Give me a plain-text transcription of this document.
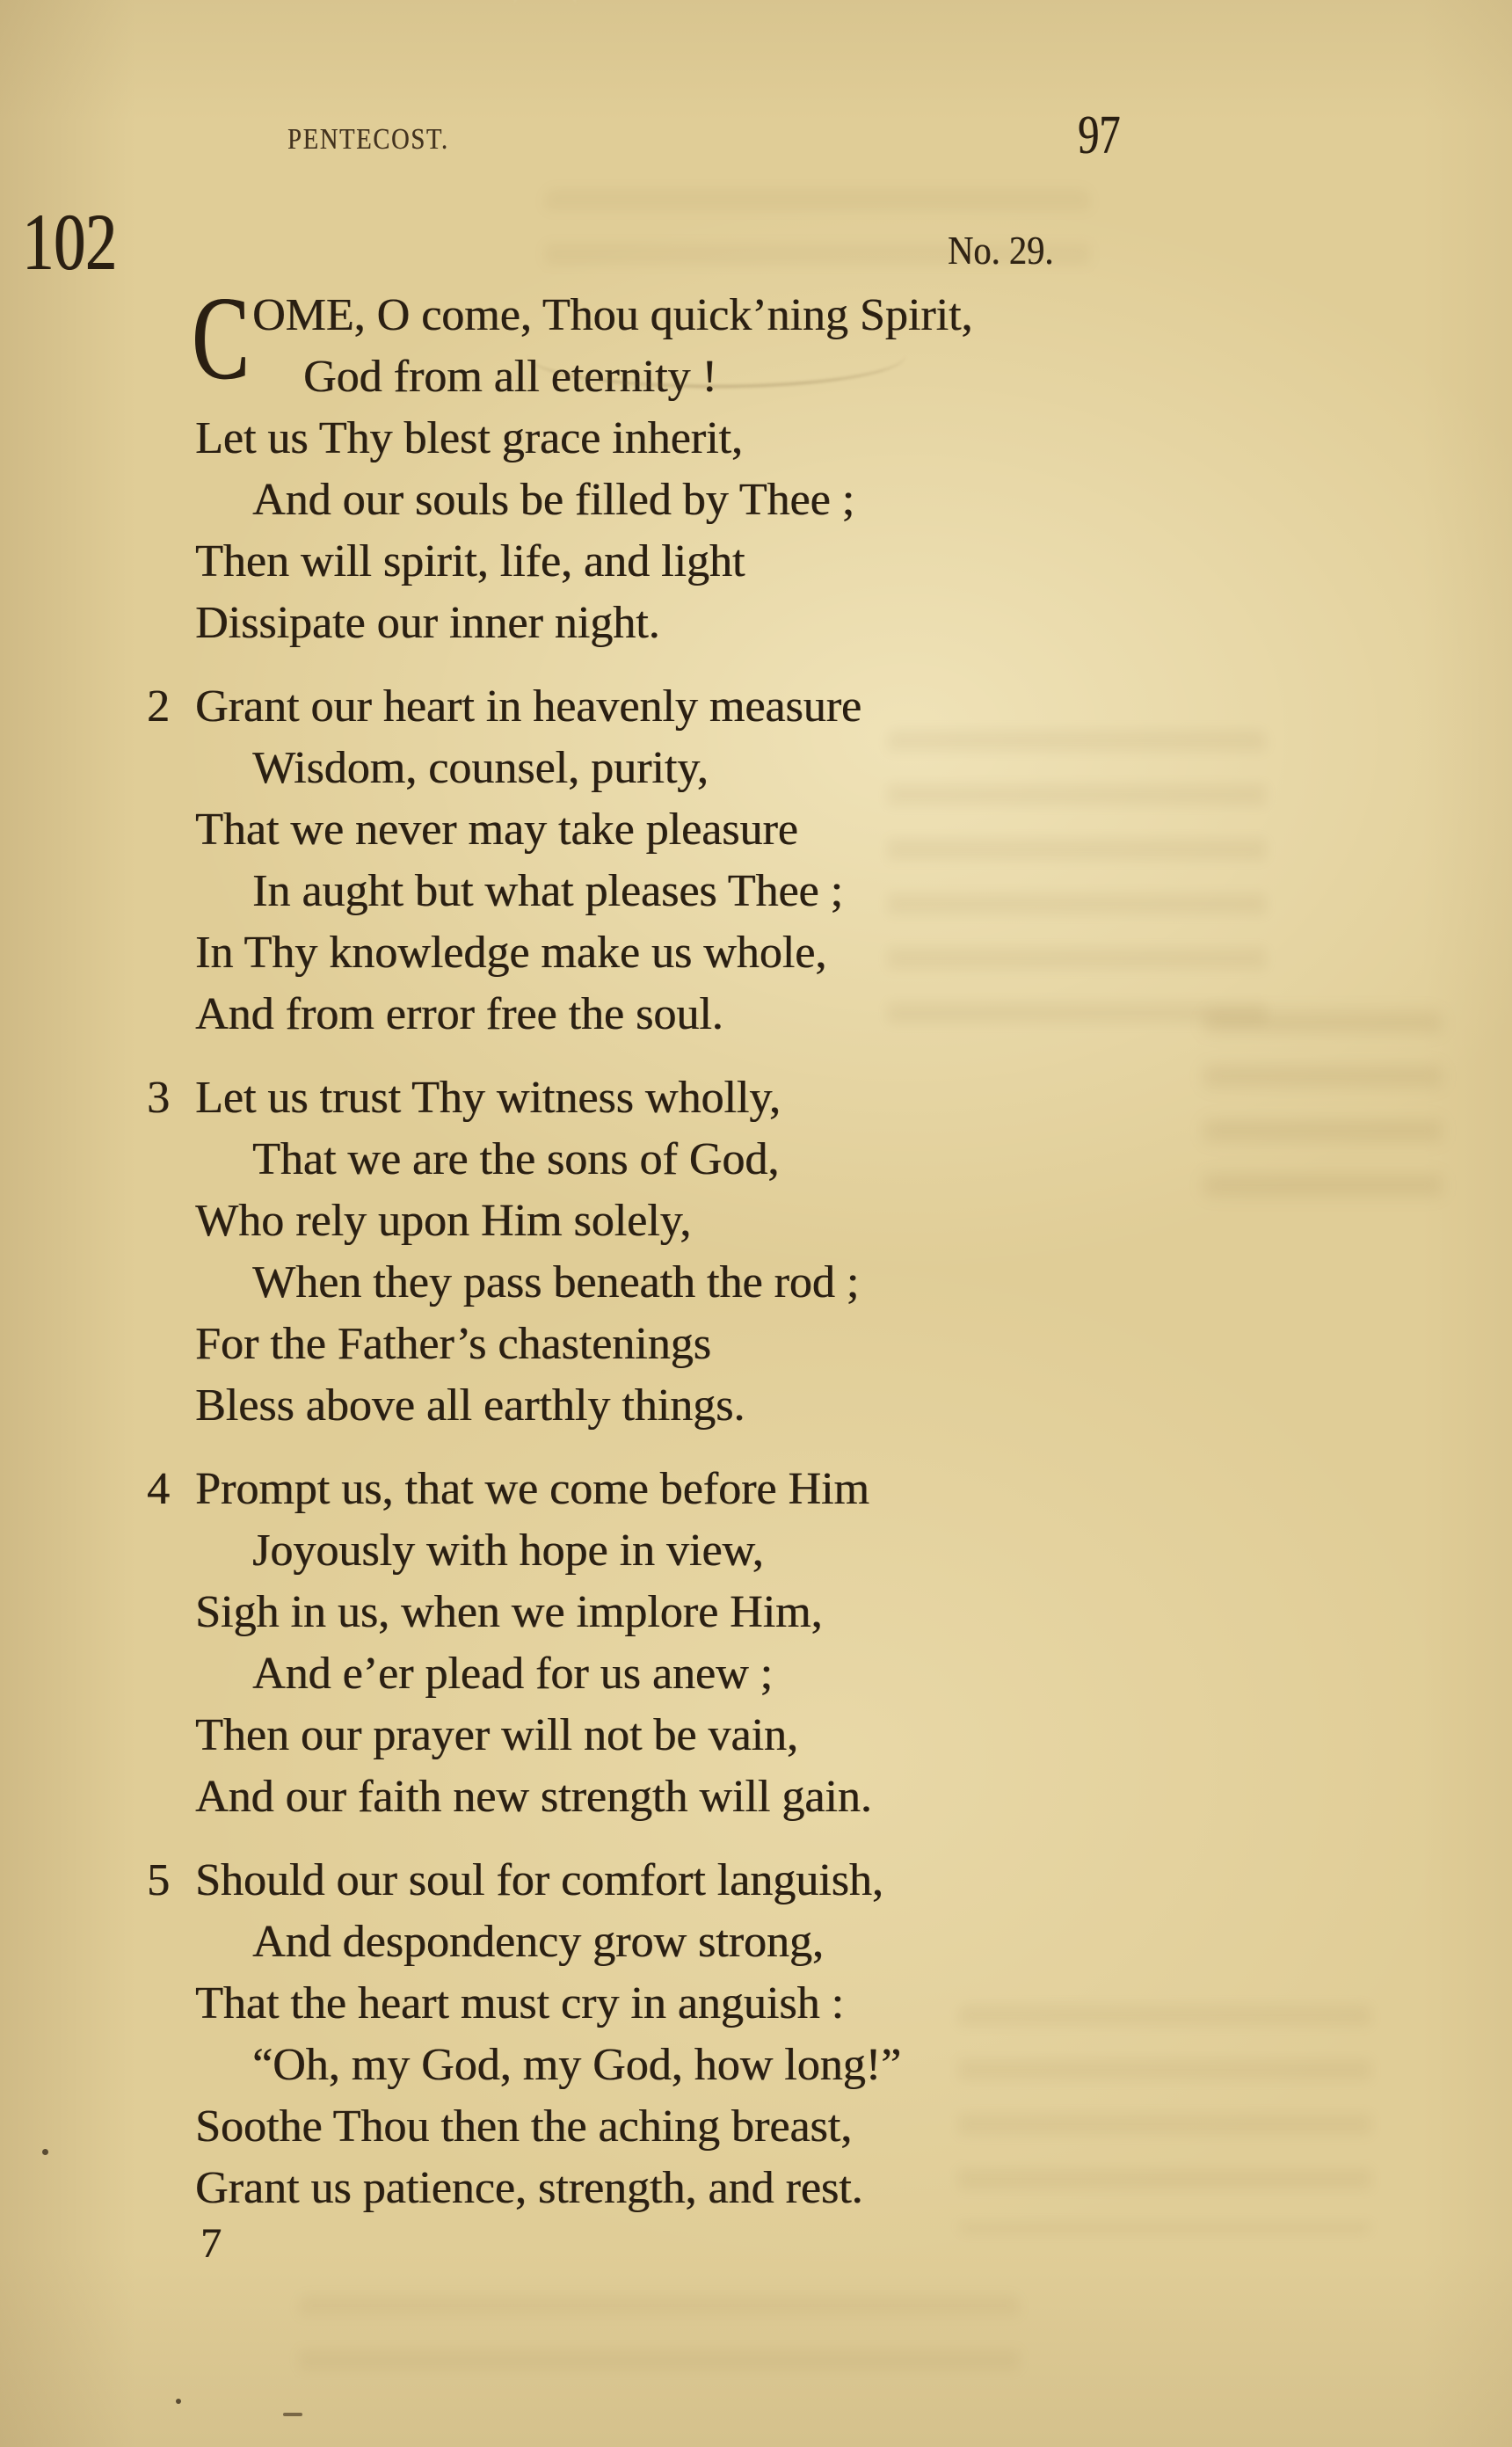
PENTECOST.	97
102	No. 29.
C OME, O come, Thou quick’ning Spirit,
God from all eternity !
Let us Thy blest grace inherit,
And our souls be filled by Thee ;
Then will spirit, life, and light
Dissipate our inner night.
2 Grant our heart in heavenly measure
Wisdom, counsel, purity,
That we never may take pleasure
In aught but what pleases Thee ;
In Thy knowledge make us whole,
And from error free the soul.
3 Let us trust Thy witness wholly,
That we are the sons of God,
Who rely upon Him solely,
When they pass beneath the rod ;
For the Father’s chastenings
Bless above all earthly things.
4 Prompt us, that we come before Him
Joyously with hope in view,
Sigh in us, when we implore Him,
And e’er plead for us anew ;
Then our prayer will not be vain,
And our faith new strength will gain.
5 Should our soul for comfort languish,
And despondency grow strong,
That the heart must cry in anguish :
“Oh, my God, my God, how long!”
Soothe Thou then the aching breast,
Grant us patience, strength, and rest.
7
